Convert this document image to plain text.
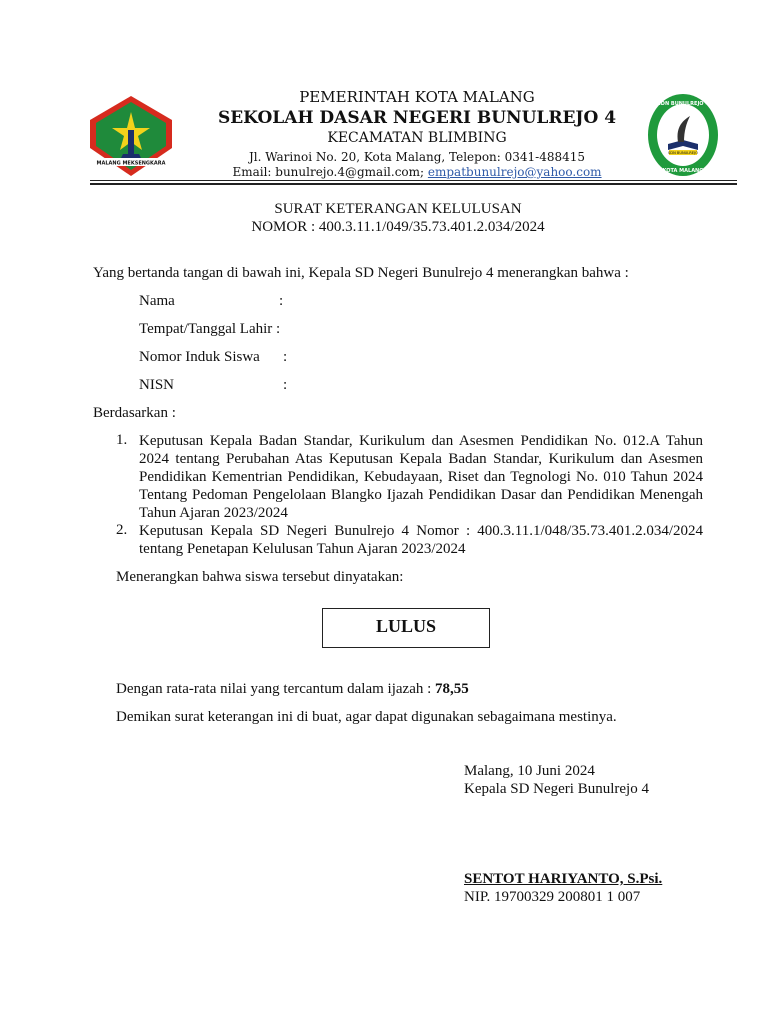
MALANG MEKSENGKARA
SDN BUNULREJO
SDN BUNULREJO 4
KOTA MALANG
PEMERINTAH KOTA MALANG
SEKOLAH DASAR NEGERI BUNULREJO 4
KECAMATAN BLIMBING
Jl. Warinoi No. 20, Kota Malang, Telepon: 0341-488415
Email: bunulrejo.4@gmail.com; empatbunulrejo@yahoo.com
SURAT KETERANGAN KELULUSAN
NOMOR : 400.3.11.1/049/35.73.401.2.034/2024
Yang bertanda tangan di bawah ini, Kepala SD Negeri Bunulrejo 4 menerangkan bahwa :
Nama	:
Tempat/Tanggal Lahir :
Nomor Induk Siswa :
NISN	:
Berdasarkan :
1. Keputusan Kepala Badan Standar, Kurikulum dan Asesmen Pendidikan No. 012.A Tahun 2024 tentang Perubahan Atas Keputusan Kepala Badan Standar, Kurikulum dan Asesmen Pendidikan Kementrian Pendidikan, Kebudayaan, Riset dan Tegnologi No. 010 Tahun 2024 Tentang Pedoman Pengelolaan Blangko Ijazah Pendidikan Dasar dan Pendidikan Menengah Tahun Ajaran 2023/2024
2. Keputusan Kepala SD Negeri Bunulrejo 4 Nomor : 400.3.11.1/048/35.73.401.2.034/2024 tentang Penetapan Kelulusan Tahun Ajaran 2023/2024
Menerangkan bahwa siswa tersebut dinyatakan:
LULUS
Dengan rata-rata nilai yang tercantum dalam ijazah : 78,55
Demikan surat keterangan ini di buat, agar dapat digunakan sebagaimana mestinya.
Malang, 10 Juni 2024
Kepala SD Negeri Bunulrejo 4
SENTOT HARIYANTO, S.Psi.
NIP. 19700329 200801 1 007
